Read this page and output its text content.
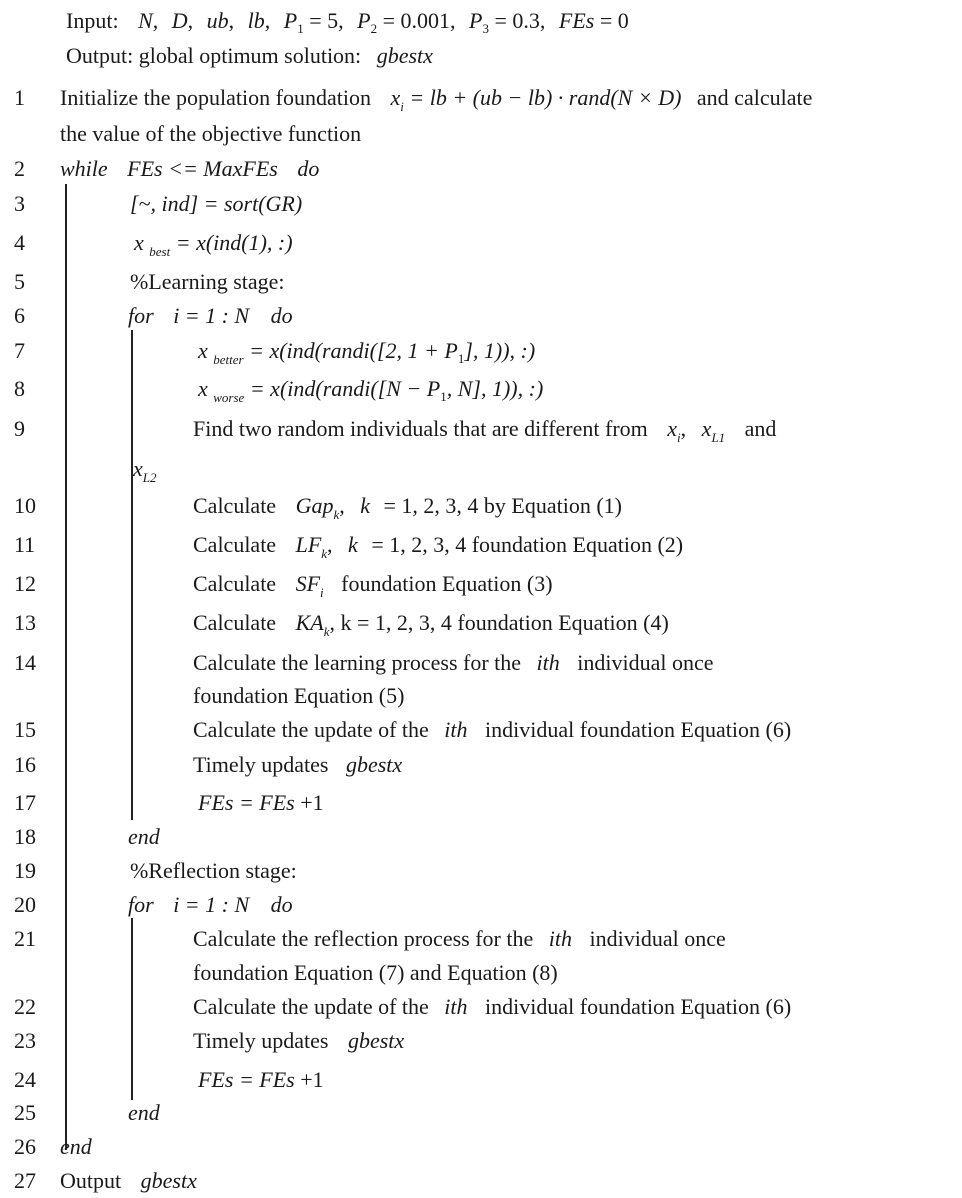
Input: N, D, ub, lb, $P_1 = 5$, $P_2 = 0.001$, $P_3 = 0.3$, FEs = 0
Output: global optimum solution: gbestx
1	Initialize the population foundation $x_i$ = lb + (ub − lb) · rand(N × D) and calculate
the value of the objective function
2	while FEs <= MaxFEs do
3	[~, ind] = sort(GR)
4	x $_{best}$ = x(ind(1), :)
5	%Learning stage:
6	for i = 1 : N do
7	x $_{better}$ = x(ind(randi([2, $1 + P_1$], 1)), :)
8	x $_{worse}$ = x(ind(randi([N − $P_1$, N], 1)), :)
9	Find two random individuals that are different from $x_i$, $x_{L1}$ and
$x_{L2}$
10	Calculate Gap$_k$, k = 1, 2, 3, 4 by Equation (1)
11	Calculate $LF_k$, k = 1, 2, 3, 4 foundation Equation (2)
12	Calculate $SF_i$ foundation Equation (3)
13	Calculate $KA_k$, k = 1, 2, 3, 4 foundation Equation (4)
14	Calculate the learning process for the ith individual once
foundation Equation (5)
15	Calculate the update of the ith individual foundation Equation (6)
16	Timely updates gbestx
17	FEs = FEs +1
18	end
19	%Reflection stage:
20	for i = 1 : N do
21	Calculate the reflection process for the ith individual once
foundation Equation (7) and Equation (8)
22	Calculate the update of the ith individual foundation Equation (6)
23	Timely updates gbestx
24	FEs = FEs +1
25	end
26	end
27	Output gbestx
